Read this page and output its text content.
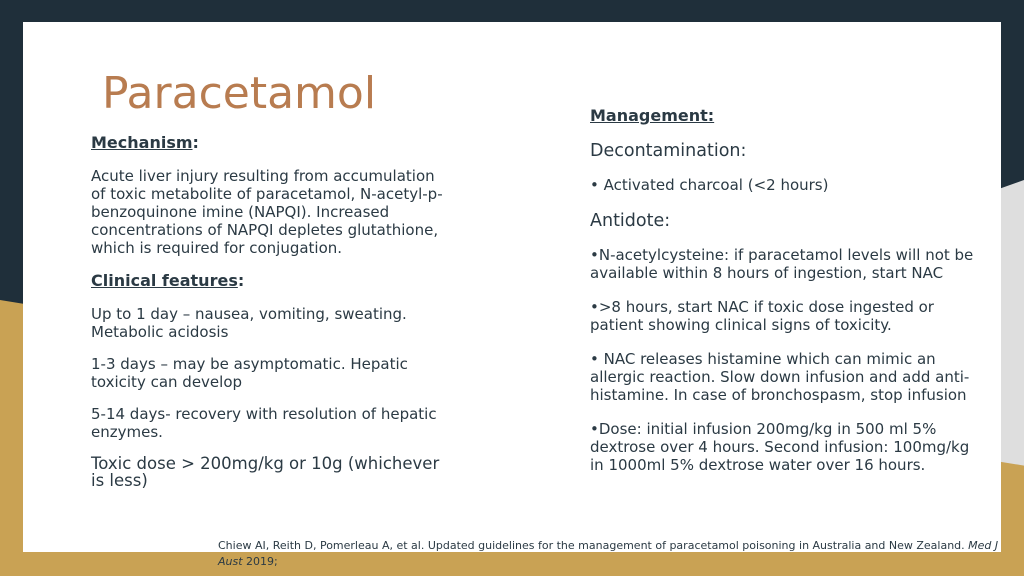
Paracetamol

Mechanism:

Acute liver injury resulting from accumulation of toxic metabolite of paracetamol, N-acetyl-p-benzoquinone imine (NAPQI). Increased concentrations of NAPQI depletes glutathione, which is required for conjugation.

Clinical features:

Up to 1 day – nausea, vomiting, sweating. Metabolic acidosis

1-3 days – may be asymptomatic. Hepatic toxicity can develop

5-14 days- recovery with resolution of hepatic enzymes.

Toxic dose > 200mg/kg or 10g (whichever is less)

Management:

Decontamination:

• Activated charcoal (<2 hours)

Antidote:

•N-acetylcysteine: if paracetamol levels will not be available within 8 hours of ingestion, start NAC

•>8 hours, start NAC if toxic dose ingested or patient showing clinical signs of toxicity.

• NAC releases histamine which can mimic an allergic reaction. Slow down infusion and add anti-histamine. In case of bronchospasm, stop infusion

•Dose: initial infusion 200mg/kg in 500 ml 5% dextrose over 4 hours. Second infusion: 100mg/kg in 1000ml 5% dextrose water over 16 hours.

Chiew AI, Reith D, Pomerleau A, et al. Updated guidelines for the management of paracetamol poisoning in Australia and New Zealand. Med J Aust 2019;
